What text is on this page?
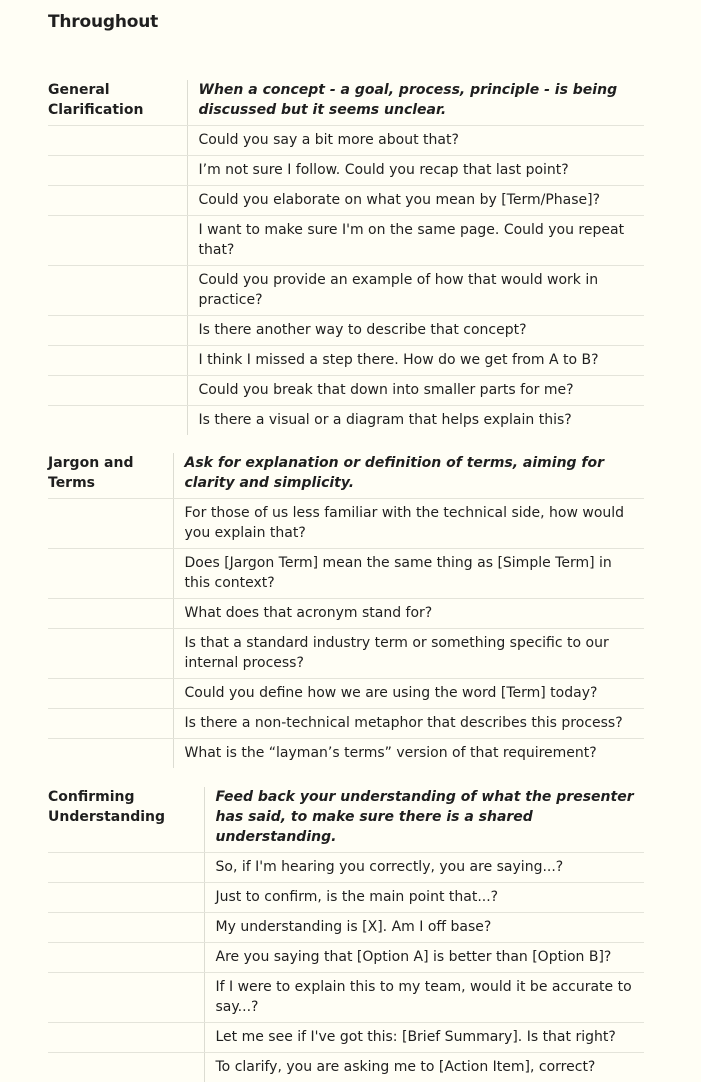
Throughout
General Clarification	When a concept - a goal, process, principle - is being discussed but it seems unclear.
	Could you say a bit more about that?
	I’m not sure I follow. Could you recap that last point?
	Could you elaborate on what you mean by [Term/Phase]?
	I want to make sure I'm on the same page. Could you repeat that?
	Could you provide an example of how that would work in practice?
	Is there another way to describe that concept?
	I think I missed a step there. How do we get from A to B?
	Could you break that down into smaller parts for me?
	Is there a visual or a diagram that helps explain this?
Jargon and Terms	Ask for explanation or definition of terms, aiming for clarity and simplicity.
	For those of us less familiar with the technical side, how would you explain that?
	Does [Jargon Term] mean the same thing as [Simple Term] in this context?
	What does that acronym stand for?
	Is that a standard industry term or something specific to our internal process?
	Could you define how we are using the word [Term] today?
	Is there a non-technical metaphor that describes this process?
	What is the “layman’s terms” version of that requirement?
Confirming Understanding	Feed back your understanding of what the presenter has said, to make sure there is a shared understanding.
	So, if I'm hearing you correctly, you are saying...?
	Just to confirm, is the main point that...?
	My understanding is [X]. Am I off base?
	Are you saying that [Option A] is better than [Option B]?
	If I were to explain this to my team, would it be accurate to say...?
	Let me see if I've got this: [Brief Summary]. Is that right?
	To clarify, you are asking me to [Action Item], correct?
